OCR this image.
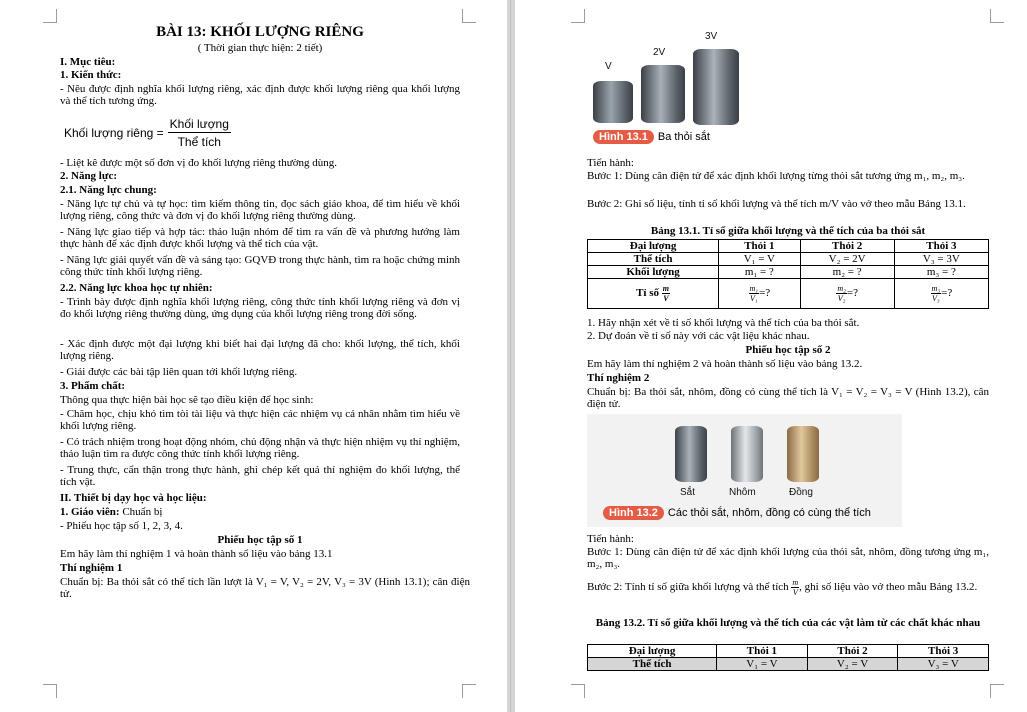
BÀI 13: KHỐI LƯỢNG RIÊNG
( Thời gian thực hiện: 2 tiết)
I. Mục tiêu:
1. Kiến thức:
- Nêu được định nghĩa khối lượng riêng, xác định được khối lượng riêng qua khối lượng và thể tích tương ứng.
Khối lượng riêng = $\frac{\text{Khối lượng}}{\text{Thể tích}}$
- Liệt kê được một số đơn vị đo khối lượng riêng thường dùng.
2. Năng lực:
2.1. Năng lực chung:
- Năng lực tự chủ và tự học: tìm kiếm thông tin, đọc sách giáo khoa, để tìm hiểu về khối lượng riêng, công thức và đơn vị đo khối lượng riêng thường dùng.
- Năng lực giao tiếp và hợp tác: thảo luận nhóm để tìm ra vấn đề và phương hướng làm thực hành để xác định được khối lượng và thể tích của vật.
- Năng lực giải quyết vấn đề và sáng tạo: GQVĐ trong thực hành, tìm ra hoặc chứng minh công thức tính khối lượng riêng.
2.2. Năng lực khoa học tự nhiên:
- Trình bày được định nghĩa khối lượng riêng, công thức tính khối lượng riêng và đơn vị đo khối lượng riêng thường dùng, ứng dụng của khối lượng riêng trong đời sống.
- Xác định được một đại lượng khi biết hai đại lượng đã cho: khối lượng, thể tích, khối lượng riêng.
- Giải được các bài tập liên quan tới khối lượng riêng.
3. Phẩm chất:
Thông qua thực hiện bài học sẽ tạo điều kiện để học sinh:
- Chăm học, chịu khó tìm tòi tài liệu và thực hiện các nhiệm vụ cá nhân nhằm tìm hiểu về khối lượng riêng.
- Có trách nhiệm trong hoạt động nhóm, chủ động nhận và thực hiện nhiệm vụ thí nghiệm, thảo luận tìm ra được công thức tính khối lượng riêng.
- Trung thực, cẩn thận trong thực hành, ghi chép kết quả thí nghiệm đo khối lượng, thể tích vật.
II. Thiết bị dạy học và học liệu:
1. Giáo viên: Chuẩn bị
- Phiếu học tập số 1, 2, 3, 4.
Phiếu học tập số 1
Em hãy làm thí nghiệm 1 và hoàn thành số liệu vào bảng 13.1
Thí nghiệm 1
Chuẩn bị: Ba thỏi sắt có thể tích lần lượt là V₁ = V, V₂ = 2V, V₃ = 3V (Hình 13.1); cân điện tử.
V
2V
3V
Hình 13.1 Ba thỏi sắt
Tiến hành:
Bước 1: Dùng cân điện tử để xác định khối lượng từng thỏi sắt tương ứng m₁, m₂, m₃.
Bước 2: Ghi số liệu, tính tỉ số khối lượng và thể tích m/V vào vở theo mẫu Bảng 13.1.
Bảng 13.1. Tỉ số giữa khối lượng và thể tích của ba thỏi sắt
Đại lượng	Thỏi 1	Thỏi 2	Thỏi 3
Thể tích	V₁ = V	V₂ = 2V	V₃ = 3V
Khối lượng	m₁ = ?	m₂ = ?	m₃ = ?
Tỉ số $\frac{m}{V}$	$\frac{\text{m₁}}{\text{V₁}}$ =?	$\frac{\text{m₂}}{\text{V₂}}$ =?	$\frac{\text{m₃}}{\text{V₃}}$ =?
1. Hãy nhận xét về tỉ số khối lượng và thể tích của ba thỏi sắt.
2. Dự đoán về tỉ số này với các vật liệu khác nhau.
Phiếu học tập số 2
Em hãy làm thí nghiệm 2 và hoàn thành số liệu vào bảng 13.2.
Thí nghiệm 2
Chuẩn bị: Ba thỏi sắt, nhôm, đồng có cùng thể tích là V₁ = V₂ = V₃ = V (Hình 13.2), cân điện tử.
Sắt	Nhôm	Đồng
Hình 13.2 Các thỏi sắt, nhôm, đồng có cùng thể tích
Tiến hành:
Bước 1: Dùng cân điện tử để xác định khối lượng của thỏi sắt, nhôm, đồng tương ứng m₁, m₂, m₃.
Bước 2: Tính tỉ số giữa khối lượng và thể tích $\frac{m}{V}$ , ghi số liệu vào vở theo mẫu Bảng 13.2.
Bảng 13.2. Tỉ số giữa khối lượng và thể tích của các vật làm từ các chất khác nhau
Đại lượng	Thỏi 1	Thỏi 2	Thỏi 3
Thể tích	V₁ = V	V₂ = V	V₃ = V
